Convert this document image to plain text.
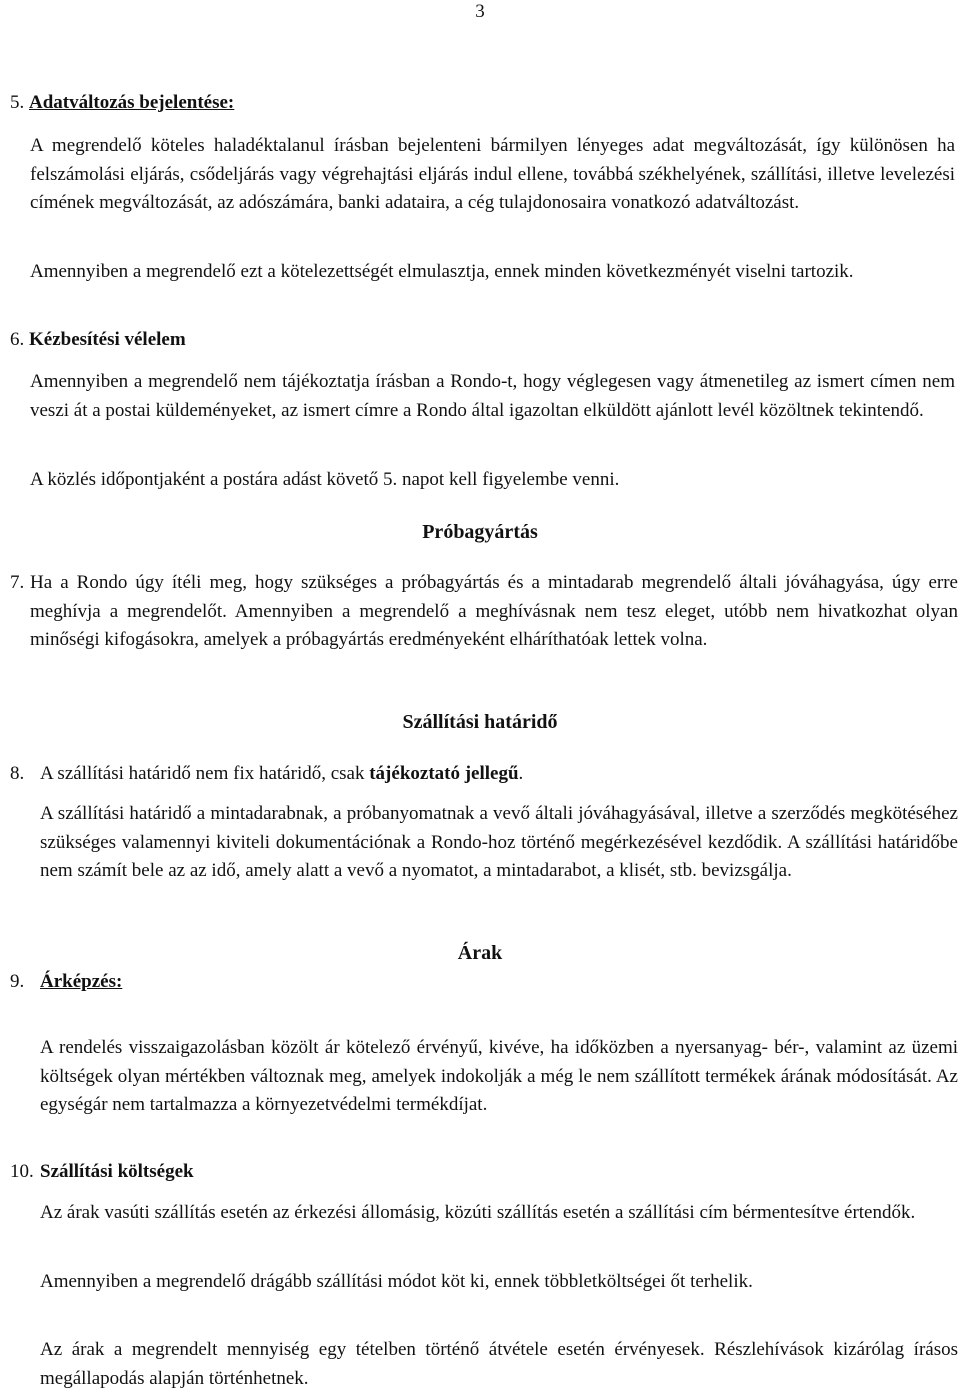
3
5. Adatváltozás bejelentése:
A megrendelő köteles haladéktalanul írásban bejelenteni bármilyen lényeges adat megváltozását, így különösen ha felszámolási eljárás, csődeljárás vagy végrehajtási eljárás indul ellene, továbbá székhelyének, szállítási, illetve levelezési címének megváltozását, az adószámára, banki adataira, a cég tulajdonosaira vonatkozó adatváltozást.
Amennyiben a megrendelő ezt a kötelezettségét elmulasztja, ennek minden következményét viselni tartozik.
6. Kézbesítési vélelem
Amennyiben a megrendelő nem tájékoztatja írásban a Rondo-t, hogy véglegesen vagy átmenetileg az ismert címen nem veszi át a postai küldeményeket, az ismert címre a Rondo által igazoltan elküldött ajánlott levél közöltnek tekintendő.
A közlés időpontjaként a postára adást követő 5. napot kell figyelembe venni.
Próbagyártás
7. Ha a Rondo úgy ítéli meg, hogy szükséges a próbagyártás és a mintadarab megrendelő általi jóváhagyása, úgy erre meghívja a megrendelőt. Amennyiben a megrendelő a meghívásnak nem tesz eleget, utóbb nem hivatkozhat olyan minőségi kifogásokra, amelyek a próbagyártás eredményeként elháríthatóak lettek volna.
Szállítási határidő
8. A szállítási határidő nem fix határidő, csak tájékoztató jellegű.
A szállítási határidő a mintadarabnak, a próbanyomatnak a vevő általi jóváhagyásával, illetve a szerződés megkötéséhez szükséges valamennyi kiviteli dokumentációnak a Rondo-hoz történő megérkezésével kezdődik. A szállítási határidőbe nem számít bele az az idő, amely alatt a vevő a nyomatot, a mintadarabot, a klisét, stb. bevizsgálja.
Árak
9. Árképzés:
A rendelés visszaigazolásban közölt ár kötelező érvényű, kivéve, ha időközben a nyersanyag- bér-, valamint az üzemi költségek olyan mértékben változnak meg, amelyek indokolják a még le nem szállított termékek árának módosítását. Az egységár nem tartalmazza a környezetvédelmi termékdíjat.
10. Szállítási költségek
Az árak vasúti szállítás esetén az érkezési állomásig, közúti szállítás esetén a szállítási cím bérmentesítve értendők.
Amennyiben a megrendelő drágább szállítási módot köt ki, ennek többletköltségei őt terhelik.
Az árak a megrendelt mennyiség egy tételben történő átvétele esetén érvényesek. Részlehívások kizárólag írásos megállapodás alapján történhetnek.
